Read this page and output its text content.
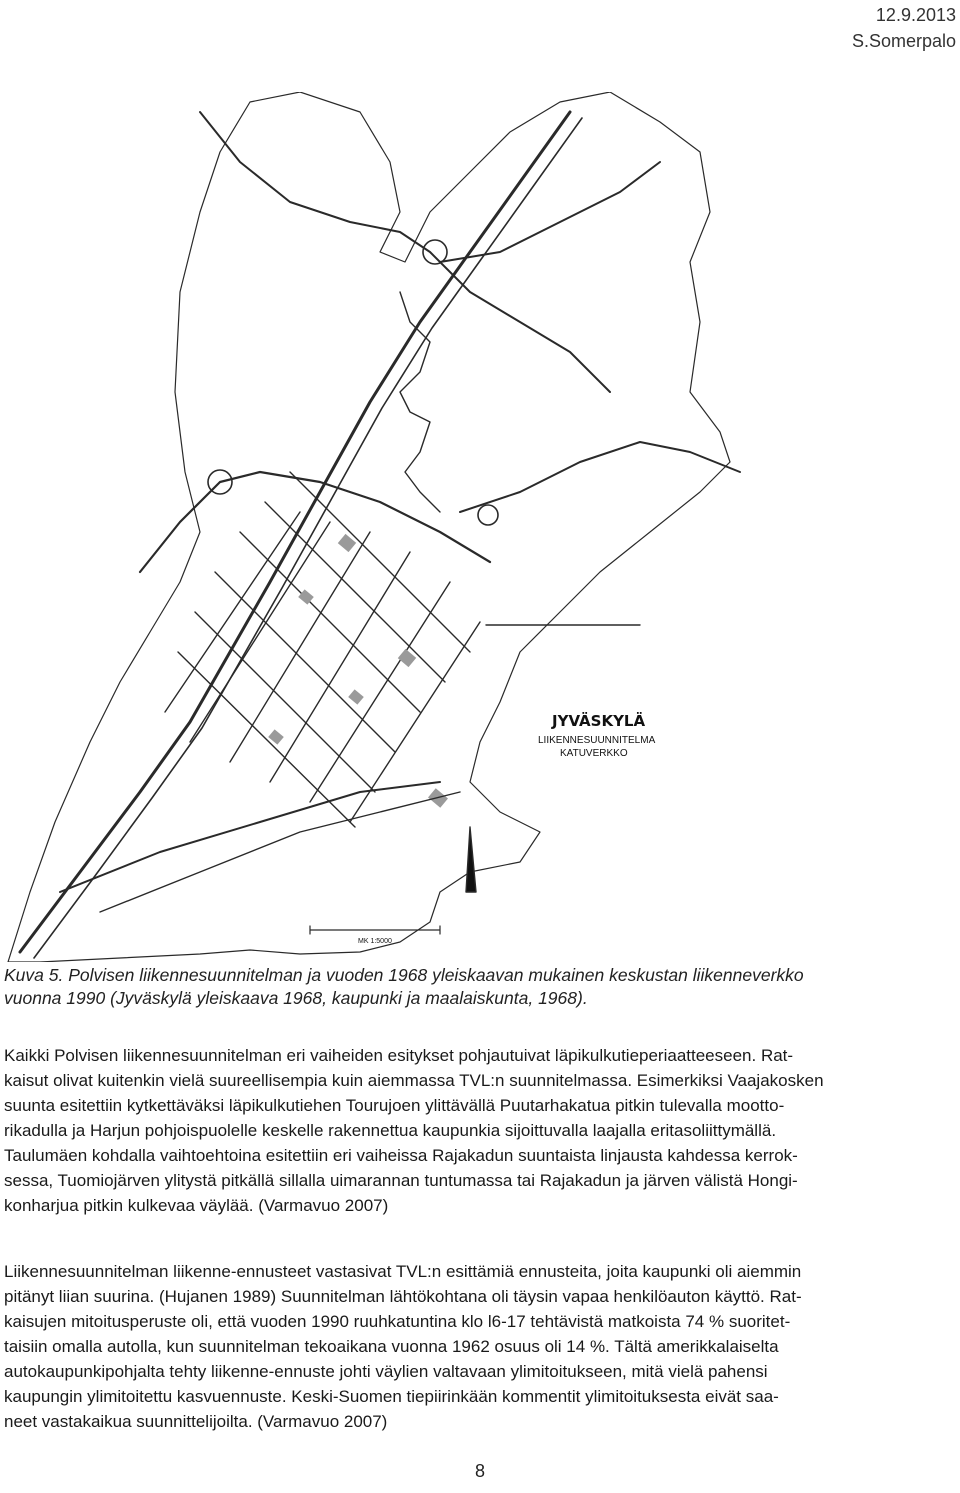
12.9.2013
S.Somerpalo
JYVÄSKYLÄ
LIIKENNESUUNNITELMA
KATUVERKKO
MK 1:5000
Kuva 5. Polvisen liikennesuunnitelman ja vuoden 1968 yleiskaavan mukainen keskustan liikenneverkko
vuonna 1990 (Jyväskylä yleiskaava 1968, kaupunki ja maalaiskunta, 1968).
Kaikki Polvisen liikennesuunnitelman eri vaiheiden esitykset pohjautuivat läpikulkutieperiaatteeseen. Rat-
kaisut olivat kuitenkin vielä suureellisempia kuin aiemmassa TVL:n suunnitelmassa. Esimerkiksi Vaajakosken
suunta esitettiin kytkettäväksi läpikulkutiehen Tourujoen ylittävällä Puutarhakatua pitkin tulevalla mootto-
rikadulla ja Harjun pohjoispuolelle keskelle rakennettua kaupunkia sijoittuvalla laajalla eritasoliittymällä.
Taulumäen kohdalla vaihtoehtoina esitettiin eri vaiheissa Rajakadun suuntaista linjausta kahdessa kerrok-
sessa, Tuomiojärven ylitystä pitkällä sillalla uimarannan tuntumassa tai Rajakadun ja järven välistä Hongi-
konharjua pitkin kulkevaa väylää. (Varmavuo 2007)
Liikennesuunnitelman liikenne-ennusteet vastasivat TVL:n esittämiä ennusteita, joita kaupunki oli aiemmin
pitänyt liian suurina. (Hujanen 1989) Suunnitelman lähtökohtana oli täysin vapaa henkilöauton käyttö. Rat-
kaisujen mitoitusperuste oli, että vuoden 1990 ruuhkatuntina klo l6-17 tehtävistä matkoista 74 % suoritet-
taisiin omalla autolla, kun suunnitelman tekoaikana vuonna 1962 osuus oli 14 %. Tältä amerikkalaiselta
autokaupunkipohjalta tehty liikenne-ennuste johti väylien valtavaan ylimitoitukseen, mitä vielä pahensi
kaupungin ylimitoitettu kasvuennuste. Keski-Suomen tiepiirinkään kommentit ylimitoituksesta eivät saa-
neet vastakaikua suunnittelijoilta. (Varmavuo 2007)
8
